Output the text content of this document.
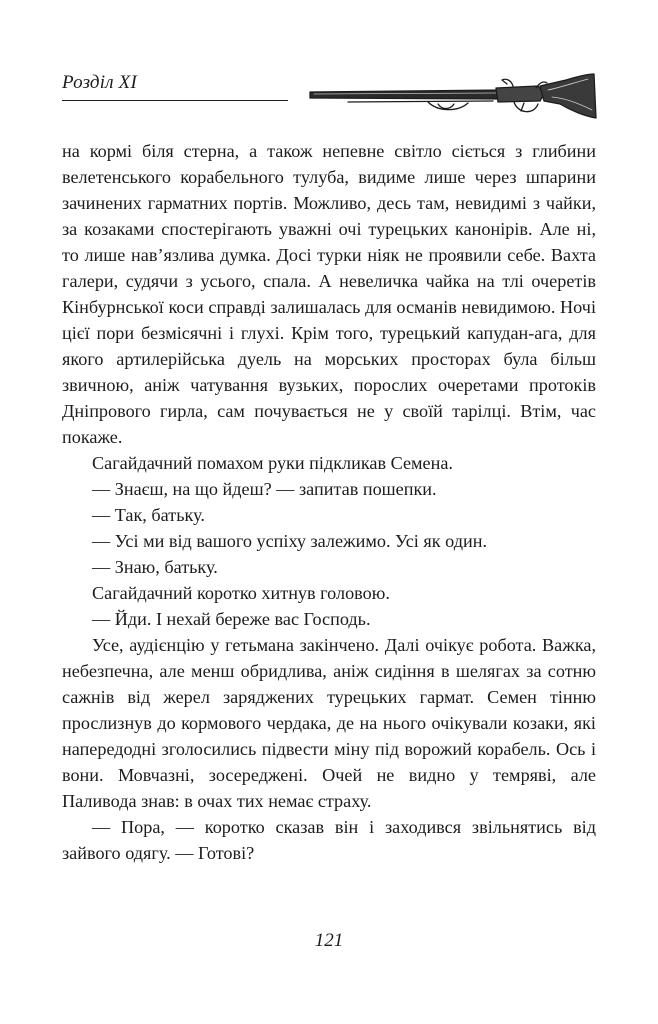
Розділ XI

на кормі біля стерна, а також непевне світло сіється з глибини велетенського корабельного тулуба, видиме лише через шпарини зачинених гарматних портів. Можливо, десь там, невидимі з чайки, за козаками спостерігають уважні очі турецьких канонірів. Але ні, то лише нав’язлива думка. Досі турки ніяк не проявили себе. Вахта галери, судячи з усього, спала. А невеличка чайка на тлі очеретів Кінбурнської коси справді залишалась для османів невидимою. Ночі цієї пори безмісячні і глухі. Крім того, турецький капудан-ага, для якого артилерійська дуель на морських просторах була більш звичною, аніж чатування вузьких, порослих очеретами протоків Дніпрового гирла, сам почувається не у своїй тарілці. Втім, час покаже.

Сагайдачний помахом руки підкликав Семена.

— Знаєш, на що йдеш? — запитав пошепки.

— Так, батьку.

— Усі ми від вашого успіху залежимо. Усі як один.

— Знаю, батьку.

Сагайдачний коротко хитнув головою.

— Йди. І нехай береже вас Господь.

Усе, аудієнцію у гетьмана закінчено. Далі очікує робота. Важка, небезпечна, але менш обридлива, аніж сидіння в шелягах за сотню сажнів від жерел заряджених турецьких гармат. Семен тінню прослизнув до кормового чердака, де на нього очікували козаки, які напередодні зголосились підвести міну під ворожий корабель. Ось і вони. Мовчазні, зосереджені. Очей не видно у темряві, але Паливода знав: в очах тих немає страху.

— Пора, — коротко сказав він і заходився звільнятись від зайвого одягу. — Готові?

121
